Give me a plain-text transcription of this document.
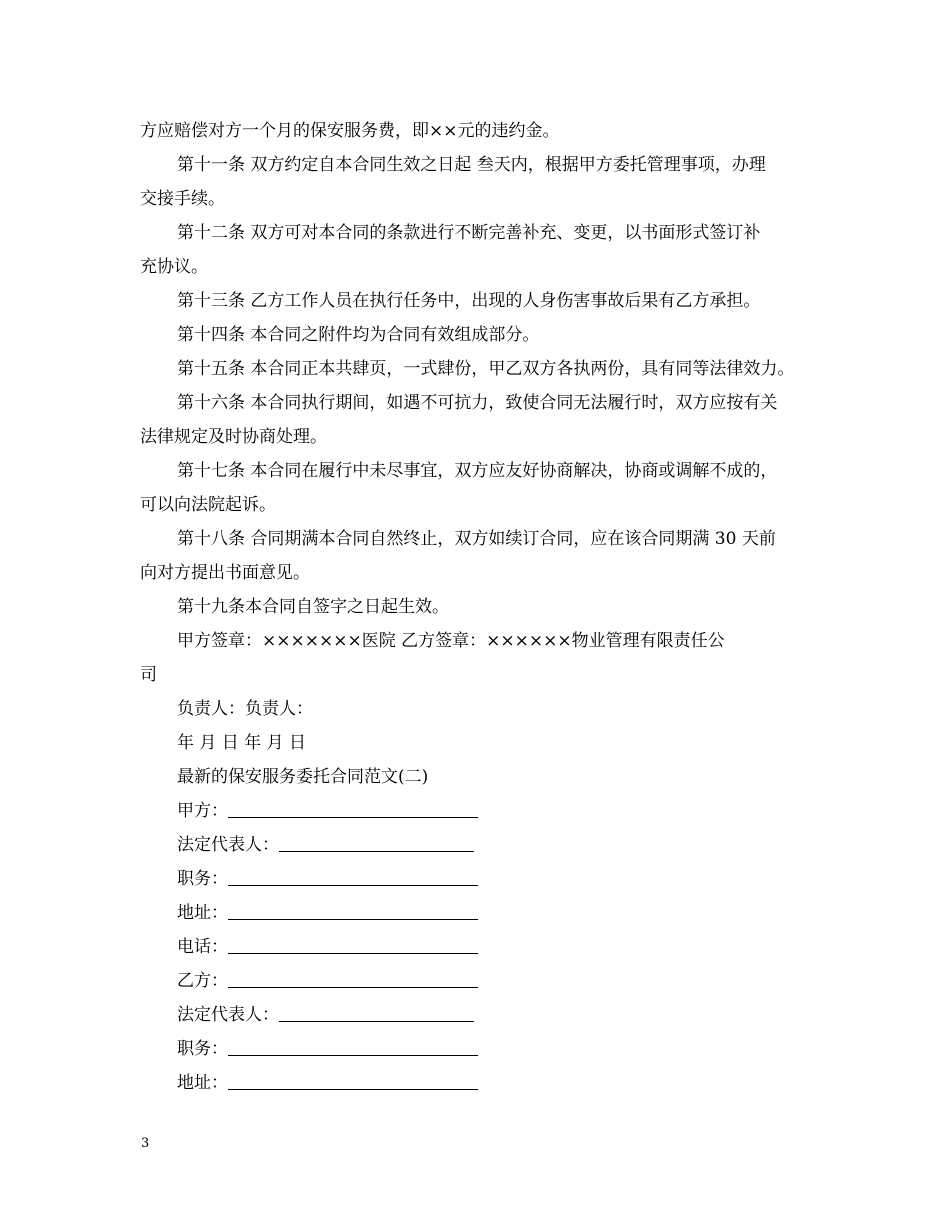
方应赔偿对方一个月的保安服务费，即××元的违约金。
第十一条 双方约定自本合同生效之日起 叁天内，根据甲方委托管理事项，办理
交接手续。
第十二条 双方可对本合同的条款进行不断完善补充、变更，以书面形式签订补
充协议。
第十三条 乙方工作人员在执行任务中，出现的人身伤害事故后果有乙方承担。
第十四条 本合同之附件均为合同有效组成部分。
第十五条 本合同正本共肆页，一式肆份，甲乙双方各执两份，具有同等法律效力。
第十六条 本合同执行期间，如遇不可抗力，致使合同无法履行时，双方应按有关
法律规定及时协商处理。
第十七条 本合同在履行中未尽事宜，双方应友好协商解决，协商或调解不成的，
可以向法院起诉。
第十八条 合同期满本合同自然终止，双方如续订合同，应在该合同期满 30 天前
向对方提出书面意见。
第十九条本合同自签字之日起生效。
甲方签章：×××××××医院 乙方签章：××××××物业管理有限责任公
司
负责人：负责人：
年 月 日 年 月 日
最新的保安服务委托合同范文(二)
甲方：
法定代表人：
职务：
地址：
电话：
乙方：
法定代表人：
职务：
地址：
3
